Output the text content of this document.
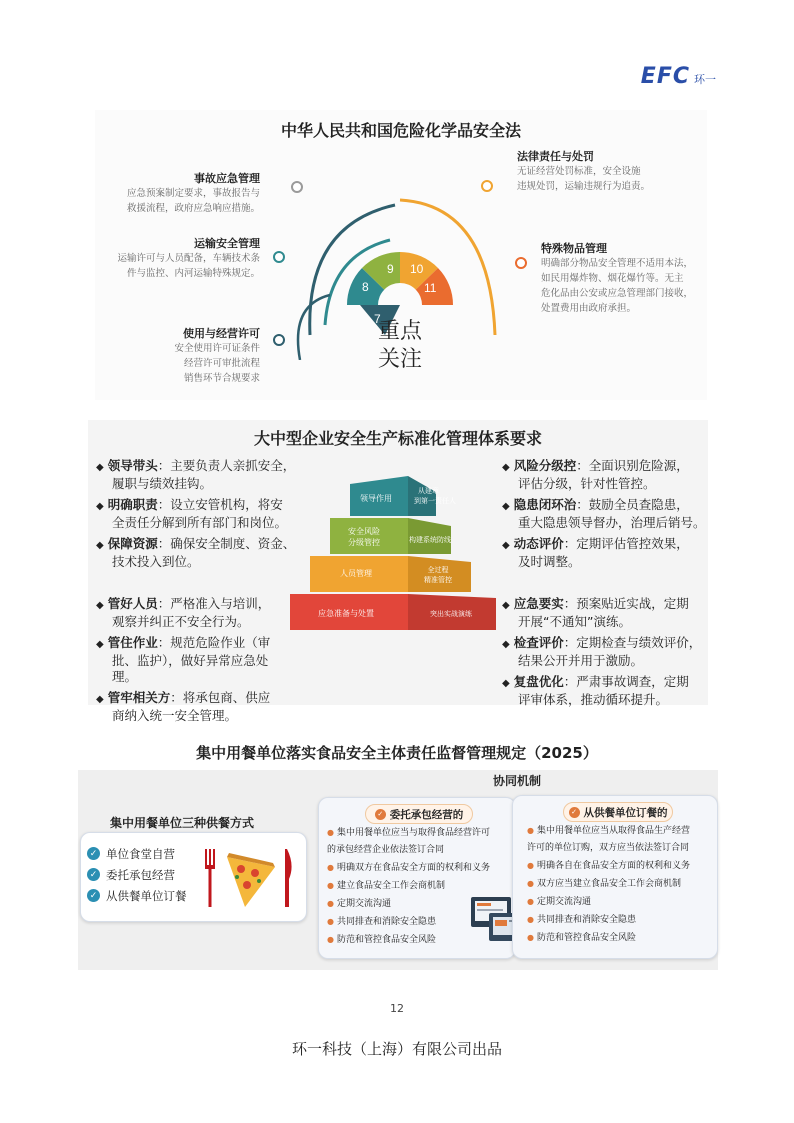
EFC 环一
中华人民共和国危险化学品安全法
事故应急管理
应急预案制定要求，事故报告与
救援流程，政府应急响应措施。
运输安全管理
运输许可与人员配备，车辆技术条
件与监控、内河运输特殊规定。
使用与经营许可
安全使用许可证条件
经营许可审批流程
销售环节合规要求
法律责任与处罚
无证经营处罚标准，安全设施
违规处罚，运输违规行为追责。
特殊物品管理
明确部分物品安全管理不适用本法，
如民用爆炸物、烟花爆竹等。无主
危化品由公安或应急管理部门接收，
处置费用由政府承担。
7
8
9 10
11
重点
关注
大中型企业安全生产标准化管理体系要求
◆ 领导带头：主要负责人亲抓安全，
履职与绩效挂钩。
◆ 明确职责：设立安管机构，将安
全责任分解到所有部门和岗位。
◆ 保障资源：确保安全制度、资金、
技术投入到位。
◆ 管好人员：严格准入与培训，
观察并纠正不安全行为。
◆ 管住作业：规范危险作业（审
批、监护），做好异常应急处
理。
◆ 管牢相关方：将承包商、供应
商纳入统一安全管理。
领导作用
从建章
到第一责任人
安全风险
分级管控	构建系统防线
人员管理	全过程
精准管控
应急准备与处置	突出实战演练
◆ 风险分级控：全面识别危险源，
评估分级，针对性管控。
◆ 隐患闭环治：鼓励全员查隐患，
重大隐患领导督办，治理后销号。
◆ 动态评价：定期评估管控效果，
及时调整。
◆ 应急要实：预案贴近实战，定期
开展“不通知”演练。
◆ 检查评价：定期检查与绩效评价，
结果公开并用于激励。
◆ 复盘优化：严肃事故调查，定期
评审体系，推动循环提升。
集中用餐单位落实食品安全主体责任监督管理规定（2025）
协同机制
集中用餐单位三种供餐方式
✓ 单位食堂自营
✓ 委托承包经营
✓ 从供餐单位订餐
✓ 委托承包经营的
● 集中用餐单位应当与取得食品经营许可
的承包经营企业依法签订合同
● 明确双方在食品安全方面的权利和义务
● 建立食品安全工作会商机制
● 定期交流沟通
● 共同排查和消除安全隐患
● 防范和管控食品安全风险
✓ 从供餐单位订餐的
● 集中用餐单位应当从取得食品生产经营
许可的单位订购，双方应当依法签订合同
● 明确各自在食品安全方面的权利和义务
● 双方应当建立食品安全工作会商机制
● 定期交流沟通
● 共同排查和消除安全隐患
● 防范和管控食品安全风险
12
环一科技（上海）有限公司出品
